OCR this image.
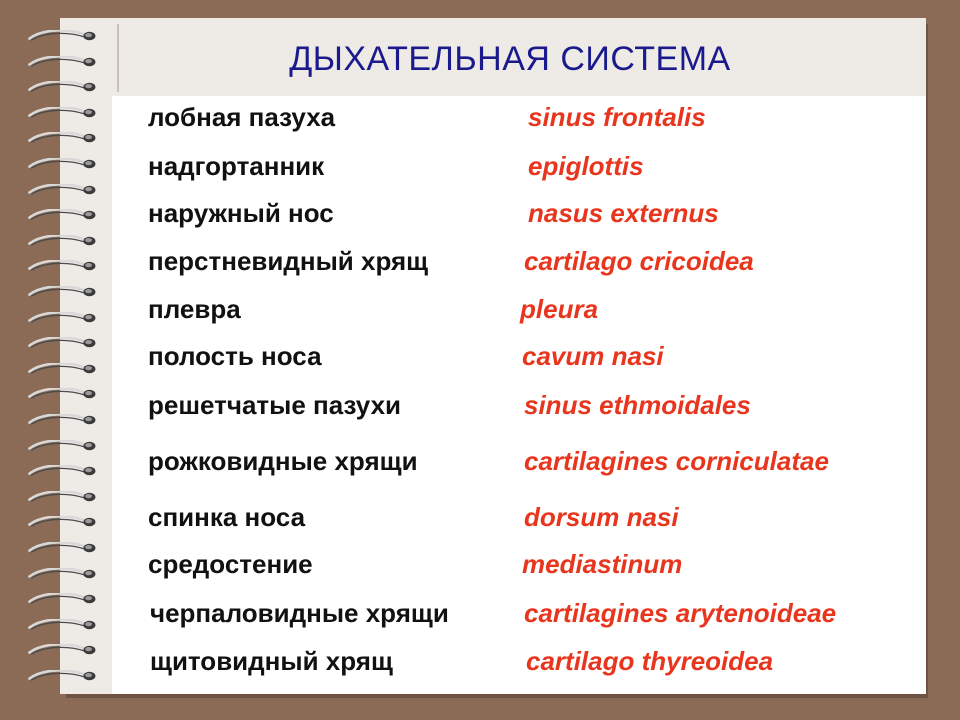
ДЫХАТЕЛЬНАЯ СИСТЕМА
лобная пазуха	sinus frontalis
надгортанник	epiglottis
наружный нос	nasus externus
перстневидный хрящ	cartilago cricoidea
плевра	pleura
полость носа	cavum nasi
решетчатые пазухи	sinus ethmoidales
рожковидные хрящи	cartilagines corniculatae
спинка носа	dorsum nasi
средостение	mediastinum
черпаловидные хрящи	cartilagines arytenoideae
щитовидный хрящ	cartilago thyreoidea
